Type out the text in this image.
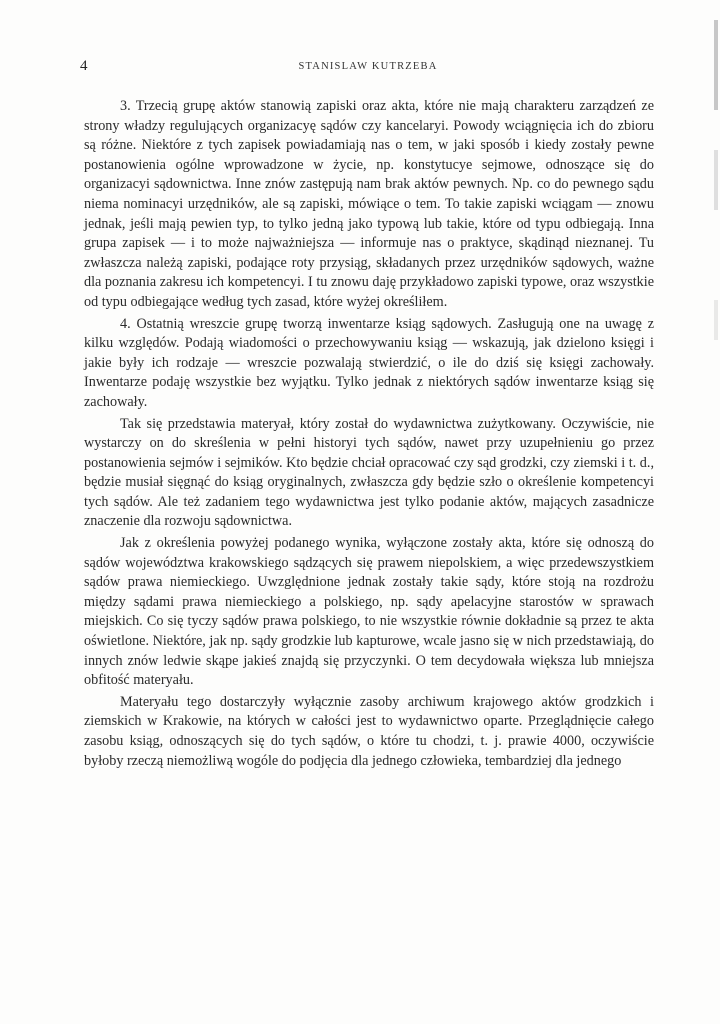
4	STANISLAW KUTRZEBA

3. Trzecią grupę aktów stanowią zapiski oraz akta, które nie mają charakteru zarządzeń ze strony władzy regulujących organizacyę sądów czy kancelaryi. Powody wciągnięcia ich do zbioru są różne. Niektóre z tych zapisek powiadamiają nas o tem, w jaki sposób i kiedy zostały pewne postanowienia ogólne wprowadzone w życie, np. konstytucye sejmowe, odnoszące się do organizacyi sądownictwa. Inne znów zastępują nam brak aktów pewnych. Np. co do pewnego sądu niema nominacyi urzędników, ale są zapiski, mówiące o tem. To takie zapiski wciągam — znowu jednak, jeśli mają pewien typ, to tylko jedną jako typową lub takie, które od typu odbiegają. Inna grupa zapisek — i to może najważniejsza — informuje nas o praktyce, skądinąd nieznanej. Tu zwłaszcza należą zapiski, podające roty przysiąg, składanych przez urzędników sądowych, ważne dla poznania zakresu ich kompetencyi. I tu znowu daję przykładowo zapiski typowe, oraz wszystkie od typu odbiegające według tych zasad, które wyżej określiłem.

4. Ostatnią wreszcie grupę tworzą inwentarze ksiąg sądowych. Zasługują one na uwagę z kilku względów. Podają wiadomości o przechowywaniu ksiąg — wskazują, jak dzielono księgi i jakie były ich rodzaje — wreszcie pozwalają stwierdzić, o ile do dziś się księgi zachowały. Inwentarze podaję wszystkie bez wyjątku. Tylko jednak z niektórych sądów inwentarze ksiąg się zachowały.

Tak się przedstawia materyał, który został do wydawnictwa zużytkowany. Oczywiście, nie wystarczy on do skreślenia w pełni historyi tych sądów, nawet przy uzupełnieniu go przez postanowienia sejmów i sejmików. Kto będzie chciał opracować czy sąd grodzki, czy ziemski i t. d., będzie musiał sięgnąć do ksiąg oryginalnych, zwłaszcza gdy będzie szło o określenie kompetencyi tych sądów. Ale też zadaniem tego wydawnictwa jest tylko podanie aktów, mających zasadnicze znaczenie dla rozwoju sądownictwa.

Jak z określenia powyżej podanego wynika, wyłączone zostały akta, które się odnoszą do sądów województwa krakowskiego sądzących się prawem niepolskiem, a więc przedewszystkiem sądów prawa niemieckiego. Uwzględnione jednak zostały takie sądy, które stoją na rozdrożu między sądami prawa niemieckiego a polskiego, np. sądy apelacyjne starostów w sprawach miejskich. Co się tyczy sądów prawa polskiego, to nie wszystkie równie dokładnie są przez te akta oświetlone. Niektóre, jak np. sądy grodzkie lub kapturowe, wcale jasno się w nich przedstawiają, do innych znów ledwie skąpe jakieś znajdą się przyczynki. O tem decydowała większa lub mniejsza obfitość materyału.

Materyału tego dostarczyły wyłącznie zasoby archiwum krajowego aktów grodzkich i ziemskich w Krakowie, na których w całości jest to wydawnictwo oparte. Przeglądnięcie całego zasobu ksiąg, odnoszących się do tych sądów, o które tu chodzi, t. j. prawie 4000, oczywiście byłoby rzeczą niemożliwą wogóle do podjęcia dla jednego człowieka, tembardziej dla jednego
